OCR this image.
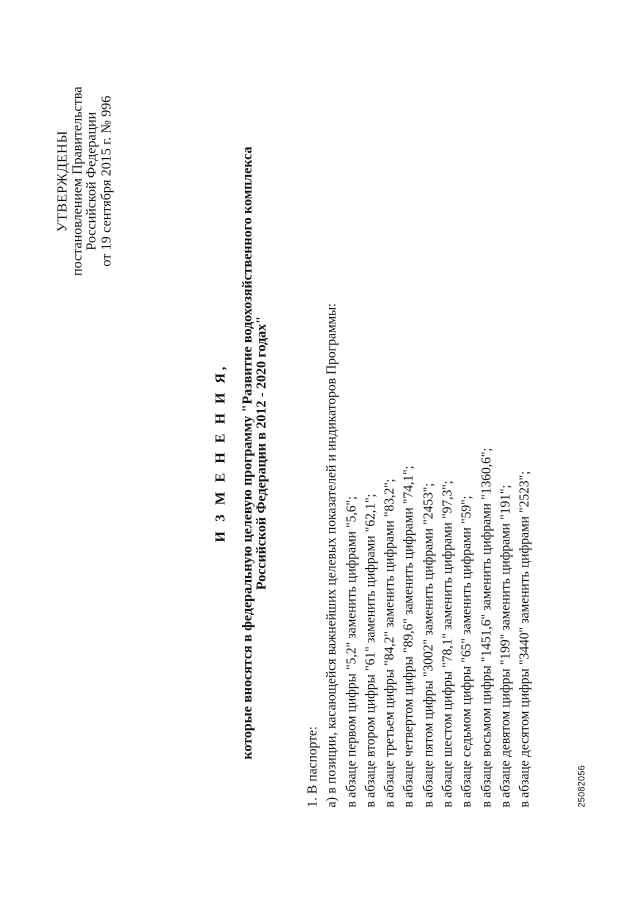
УТВЕРЖДЕНЫ постановлением Правительства Российской Федерации от 19 сентября 2015 г. № 996
И З М Е Н Е Н И Я, которые вносятся в федеральную целевую программу "Развитие водохозяйственного комплекса Российской Федерации в 2012 - 2020 годах"
1. В паспорте: а) в позиции, касающейся важнейших целевых показателей и индикаторов Программы: в абзаце первом цифры "5,2" заменить цифрами "5,6"; в абзаце втором цифры "61" заменить цифрами "62,1"; в абзаце третьем цифры "84,2" заменить цифрами "83,2"; в абзаце четвертом цифры "89,6" заменить цифрами "74,1"; в абзаце пятом цифры "3002" заменить цифрами "2453"; в абзаце шестом цифры "78,1" заменить цифрами "97,3"; в абзаце седьмом цифры "65" заменить цифрами "59"; в абзаце восьмом цифры "1451,6" заменить цифрами "1360,6"; в абзаце девятом цифры "199" заменить цифрами "191"; в абзаце десятом цифры "3440" заменить цифрами "2523";	25082056
